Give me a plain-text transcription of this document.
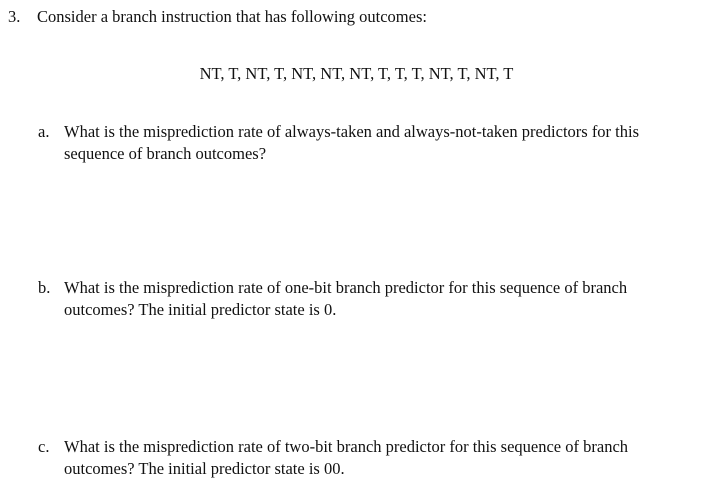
3. Consider a branch instruction that has following outcomes:
NT, T, NT, T, NT, NT, NT, T, T, T, NT, T, NT, T
a. What is the misprediction rate of always-taken and always-not-taken predictors for this sequence of branch outcomes?
b. What is the misprediction rate of one-bit branch predictor for this sequence of branch outcomes? The initial predictor state is 0.
c. What is the misprediction rate of two-bit branch predictor for this sequence of branch outcomes? The initial predictor state is 00.
